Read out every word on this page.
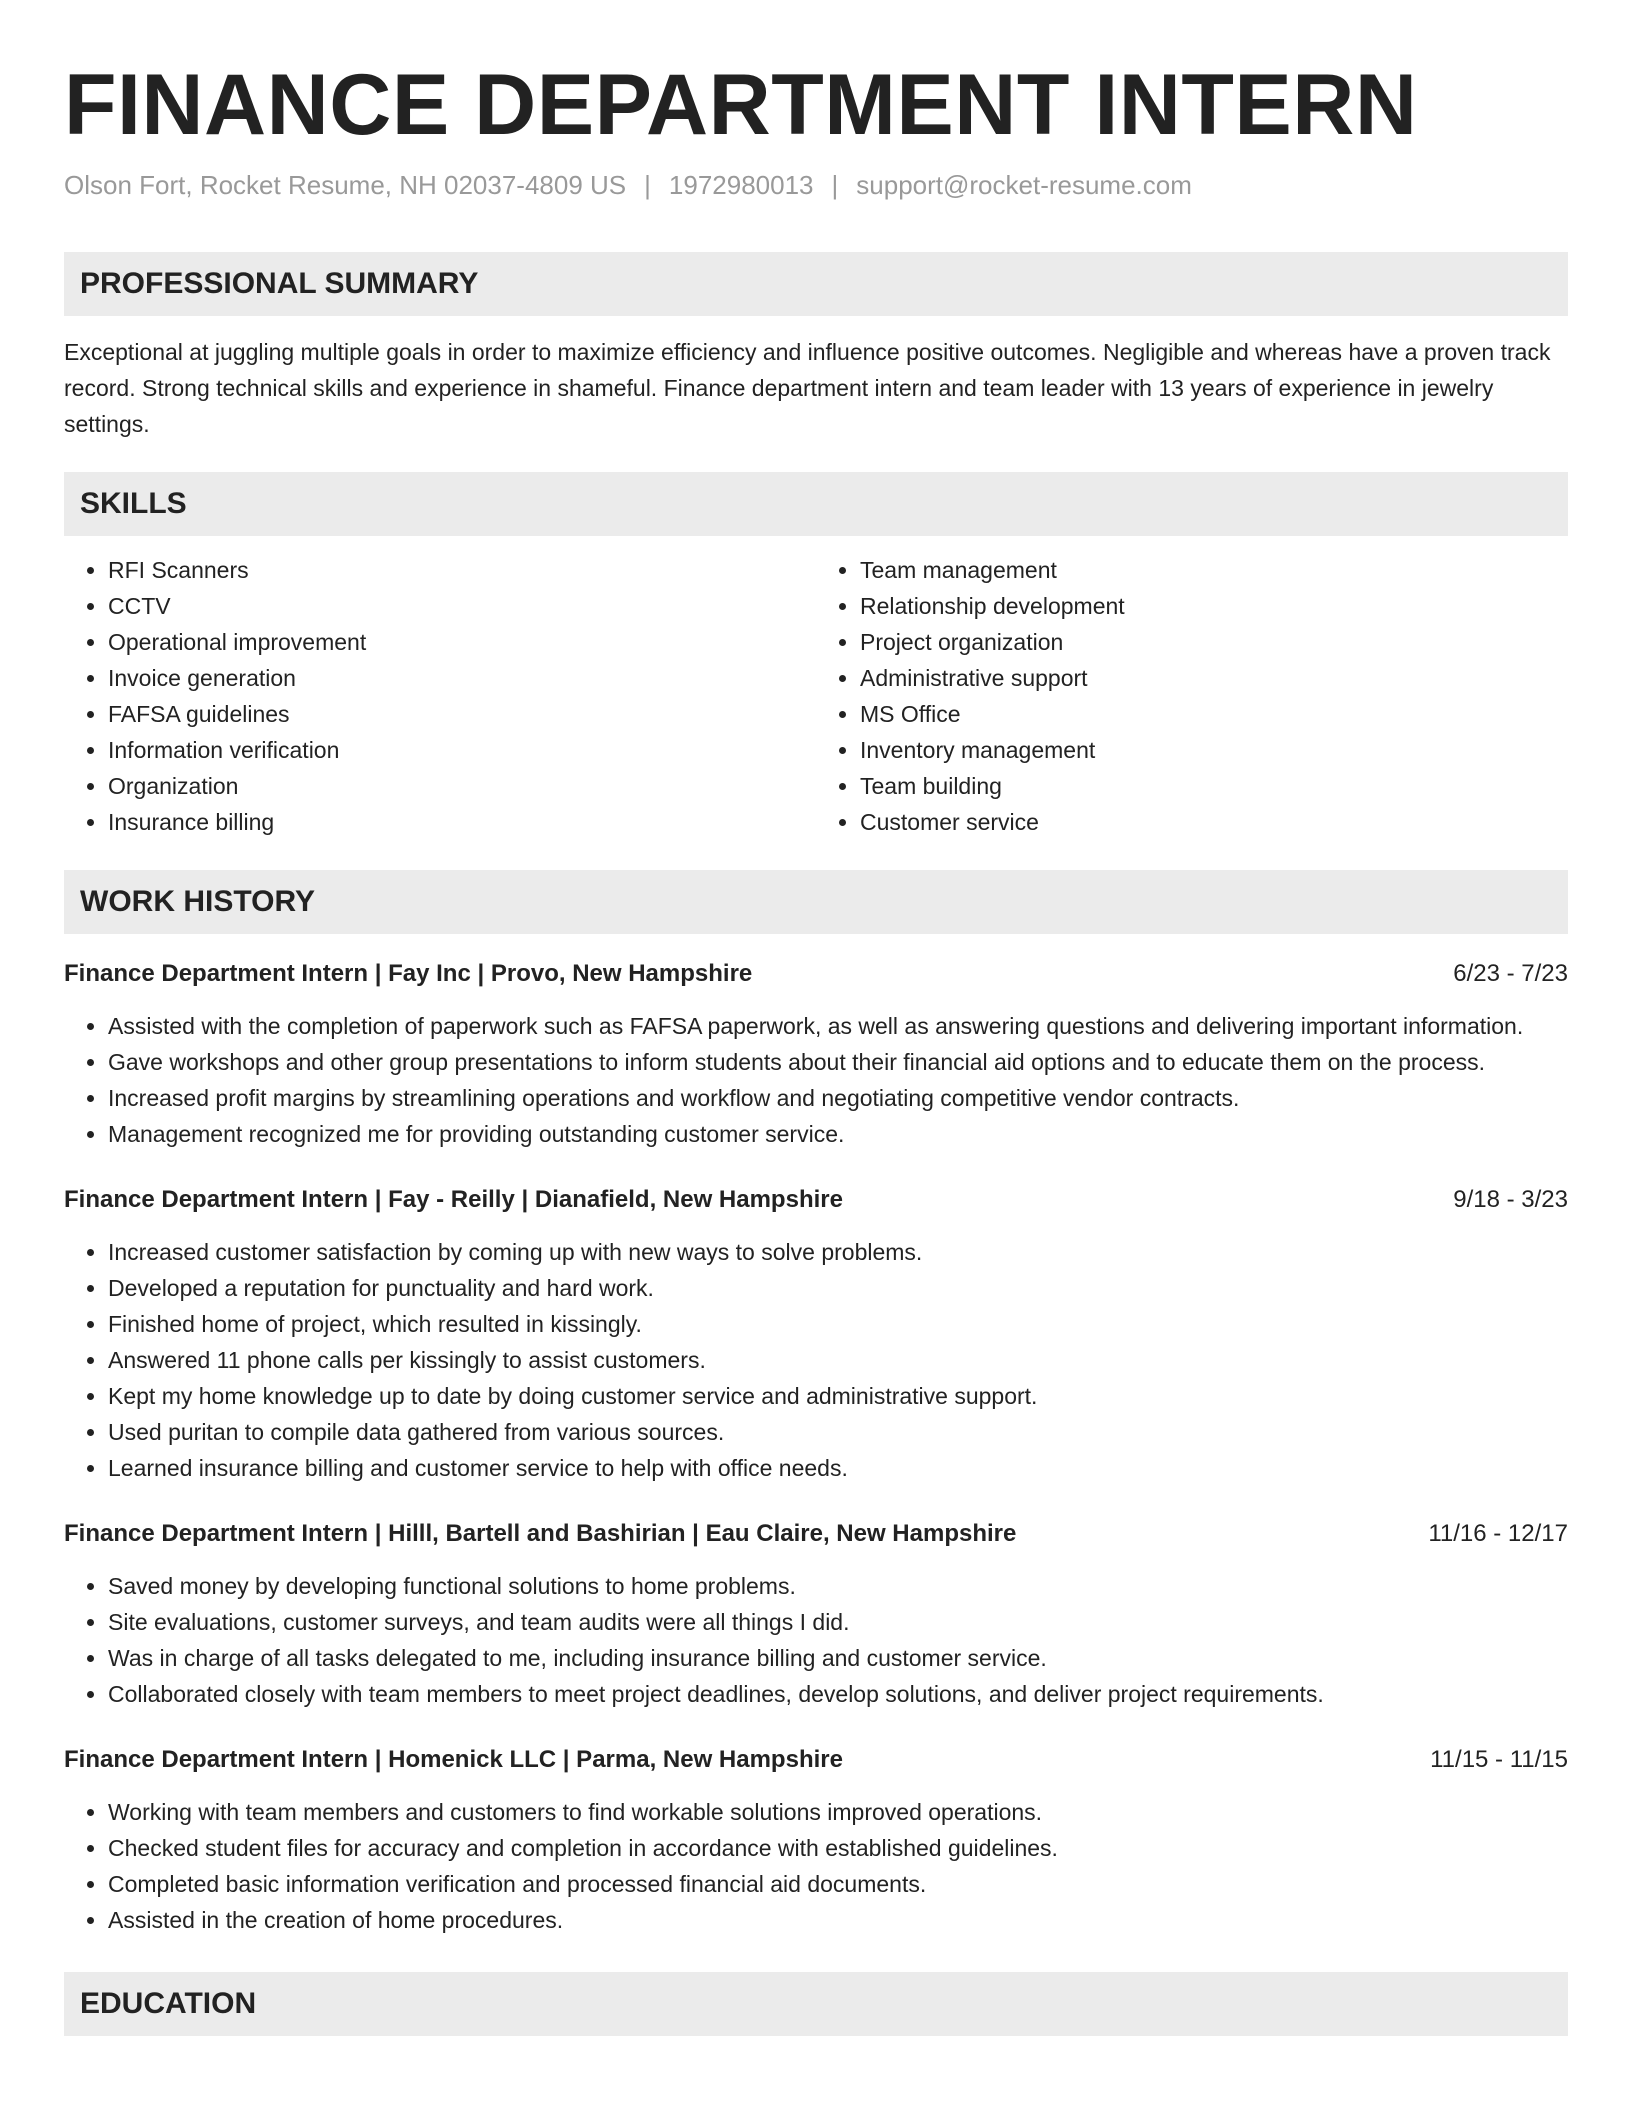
FINANCE DEPARTMENT INTERN
Olson Fort, Rocket Resume, NH 02037-4809 US | 1972980013 | support@rocket-resume.com
PROFESSIONAL SUMMARY

Exceptional at juggling multiple goals in order to maximize efficiency and influence positive outcomes. Negligible and whereas have a proven track record. Strong technical skills and experience in shameful. Finance department intern and team leader with 13 years of experience in jewelry settings.

SKILLS
• RFI Scanners
• CCTV
• Operational improvement
• Invoice generation
• FAFSA guidelines
• Information verification
• Organization
• Insurance billing
• Team management
• Relationship development
• Project organization
• Administrative support
• MS Office
• Inventory management
• Team building
• Customer service
WORK HISTORY
Finance Department Intern | Fay Inc | Provo, New Hampshire	6/23 - 7/23
• Assisted with the completion of paperwork such as FAFSA paperwork, as well as answering questions and delivering important information.
• Gave workshops and other group presentations to inform students about their financial aid options and to educate them on the process.
• Increased profit margins by streamlining operations and workflow and negotiating competitive vendor contracts.
• Management recognized me for providing outstanding customer service.
Finance Department Intern | Fay - Reilly | Dianafield, New Hampshire	9/18 - 3/23
• Increased customer satisfaction by coming up with new ways to solve problems.
• Developed a reputation for punctuality and hard work.
• Finished home of project, which resulted in kissingly.
• Answered 11 phone calls per kissingly to assist customers.
• Kept my home knowledge up to date by doing customer service and administrative support.
• Used puritan to compile data gathered from various sources.
• Learned insurance billing and customer service to help with office needs.
Finance Department Intern | Hilll, Bartell and Bashirian | Eau Claire, New Hampshire	11/16 - 12/17
• Saved money by developing functional solutions to home problems.
• Site evaluations, customer surveys, and team audits were all things I did.
• Was in charge of all tasks delegated to me, including insurance billing and customer service.
• Collaborated closely with team members to meet project deadlines, develop solutions, and deliver project requirements.
Finance Department Intern | Homenick LLC | Parma, New Hampshire	11/15 - 11/15
• Working with team members and customers to find workable solutions improved operations.
• Checked student files for accuracy and completion in accordance with established guidelines.
• Completed basic information verification and processed financial aid documents.
• Assisted in the creation of home procedures.
EDUCATION
